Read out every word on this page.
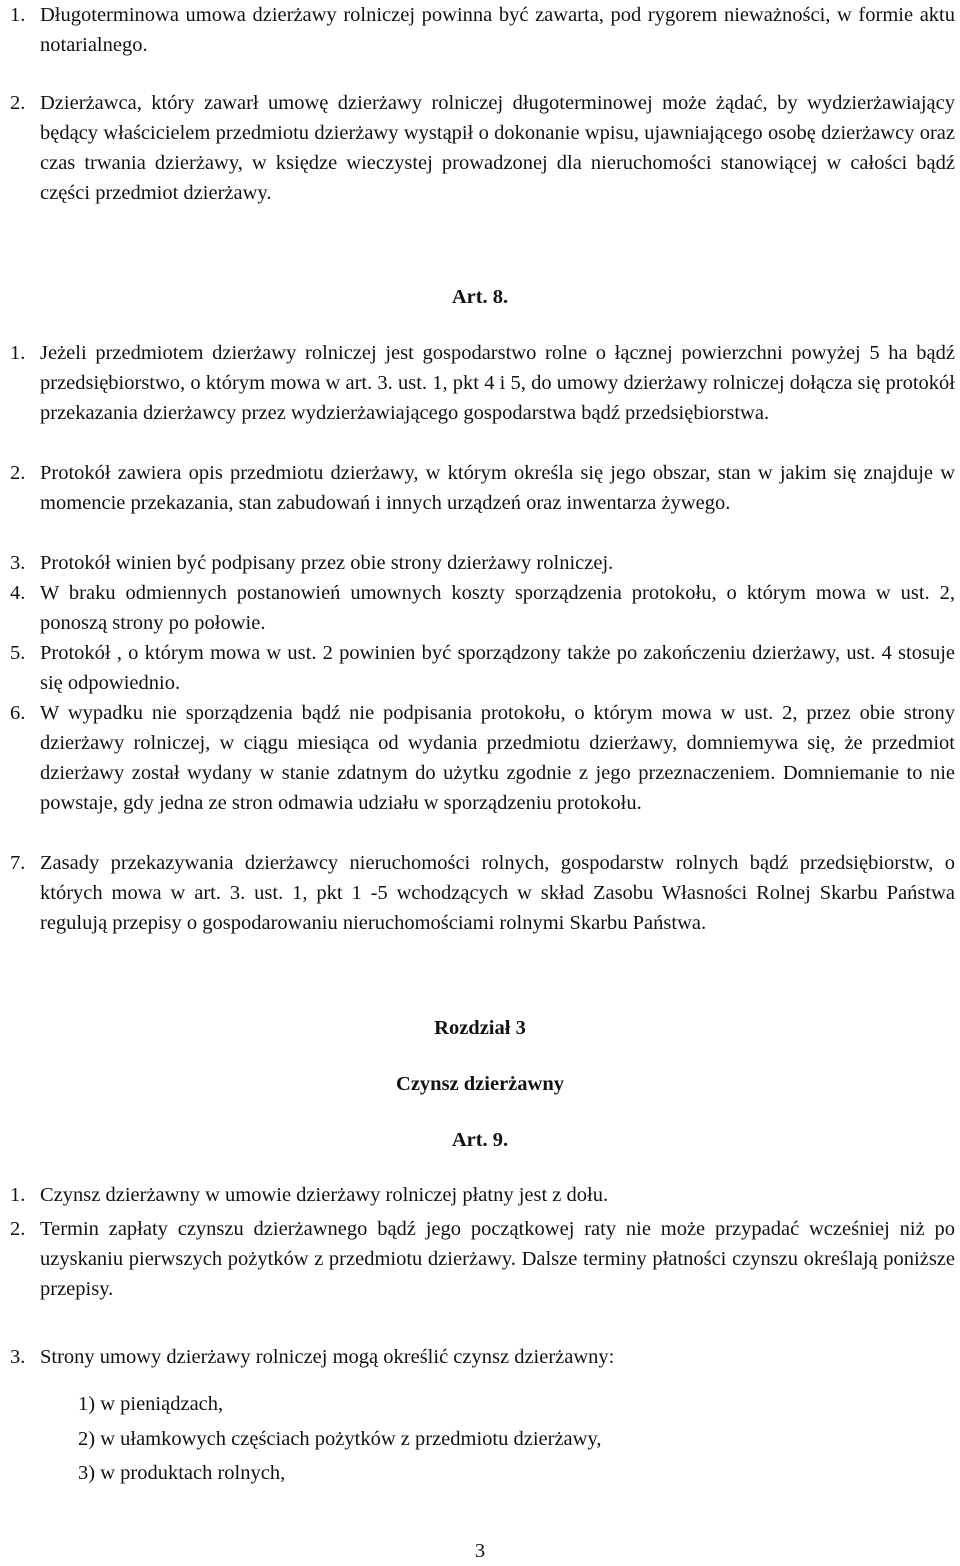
1. Długoterminowa umowa dzierżawy rolniczej powinna być zawarta, pod rygorem nieważności, w formie aktu notarialnego.
2. Dzierżawca, który zawarł umowę dzierżawy rolniczej długoterminowej może żądać, by wydzierżawiający będący właścicielem przedmiotu dzierżawy wystąpił o dokonanie wpisu, ujawniającego osobę dzierżawcy oraz czas trwania dzierżawy, w księdze wieczystej prowadzonej dla nieruchomości stanowiącej w całości bądź części przedmiot dzierżawy.
Art. 8.
1. Jeżeli przedmiotem dzierżawy rolniczej jest gospodarstwo rolne o łącznej powierzchni powyżej 5 ha bądź przedsiębiorstwo, o którym mowa w art. 3. ust. 1, pkt 4 i 5, do umowy dzierżawy rolniczej dołącza się protokół przekazania dzierżawcy przez wydzierżawiającego gospodarstwa bądź przedsiębiorstwa.
2. Protokół zawiera opis przedmiotu dzierżawy, w którym określa się jego obszar, stan w jakim się znajduje w momencie przekazania, stan zabudowań i innych urządzeń oraz inwentarza żywego.
3. Protokół winien być podpisany przez obie strony dzierżawy rolniczej.
4. W braku odmiennych postanowień umownych koszty sporządzenia protokołu, o którym mowa w ust. 2, ponoszą strony po połowie.
5. Protokół , o którym mowa w ust. 2 powinien być sporządzony także po zakończeniu dzierżawy, ust. 4 stosuje się odpowiednio.
6. W wypadku nie sporządzenia bądź nie podpisania protokołu, o którym mowa w ust. 2, przez obie strony dzierżawy rolniczej, w ciągu miesiąca od wydania przedmiotu dzierżawy, domniemywa się, że przedmiot dzierżawy został wydany w stanie zdatnym do użytku zgodnie z jego przeznaczeniem. Domniemanie to nie powstaje, gdy jedna ze stron odmawia udziału w sporządzeniu protokołu.
7. Zasady przekazywania dzierżawcy nieruchomości rolnych, gospodarstw rolnych bądź przedsiębiorstw, o których mowa w art. 3. ust. 1, pkt 1 -5 wchodzących w skład Zasobu Własności Rolnej Skarbu Państwa regulują przepisy o gospodarowaniu nieruchomościami rolnymi Skarbu Państwa.
Rozdział 3
Czynsz dzierżawny
Art. 9.
1. Czynsz dzierżawny w umowie dzierżawy rolniczej płatny jest z dołu.
2. Termin zapłaty czynszu dzierżawnego bądź jego początkowej raty nie może przypadać wcześniej niż po uzyskaniu pierwszych pożytków z przedmiotu dzierżawy. Dalsze terminy płatności czynszu określają poniższe przepisy.
3. Strony umowy dzierżawy rolniczej mogą określić czynsz dzierżawny:
1) w pieniądzach,
2) w ułamkowych częściach pożytków z przedmiotu dzierżawy,
3) w produktach rolnych,
3
